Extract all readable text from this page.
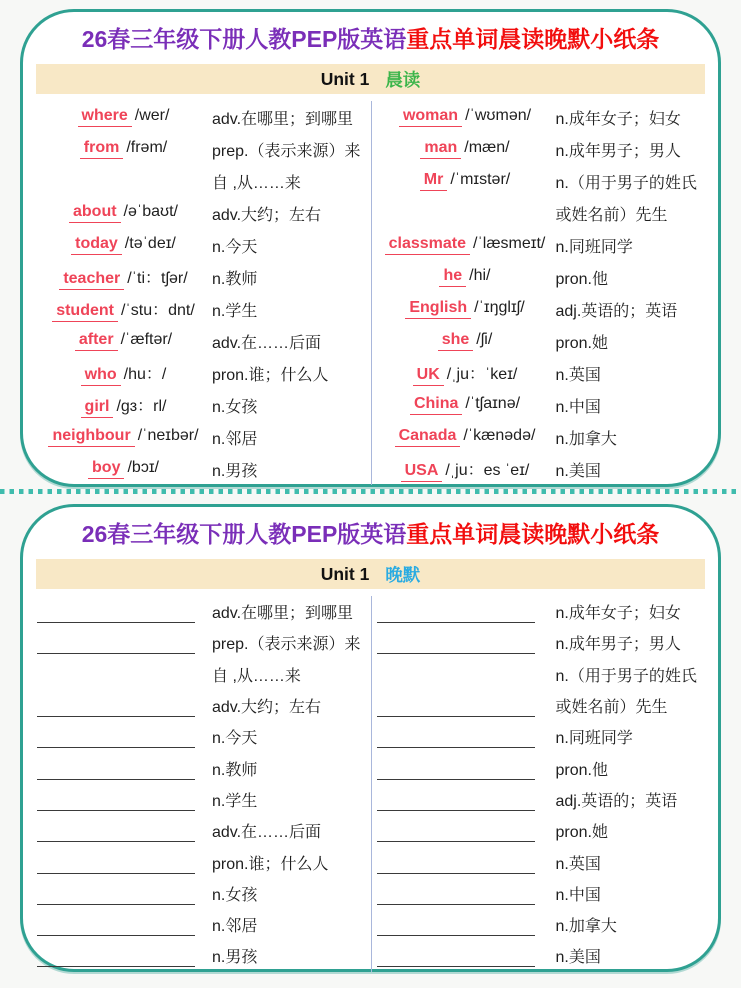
26春三年级下册人教PEP版英语重点单词晨读晚默小纸条
Unit 1 晨读
where /wer/	adv.在哪里；到哪里
from /frəm/	prep.（表示来源）来
自 ,从……来
about /əˈbaʊt/ adv.大约；左右
today /təˈdeɪ/ n.今天
teacher /ˈti：tʃər/ n.教师
student /ˈstu：dnt/ n.学生
after /ˈæftər/ adv.在……后面
who /hu：/	pron.谁；什么人
girl /gɜ：rl/	n.女孩
neighbour /ˈneɪbər/ n.邻居
boy /bɔɪ/	n.男孩
woman /ˈwʊmən/ n.成年女子；妇女
man /mæn/	n.成年男子；男人
Mr /ˈmɪstər/	n.（用于男子的姓氏
或姓名前）先生
classmate /ˈlæsmeɪt/ n.同班同学
he /hi/	pron.他
English /ˈɪŋglɪʃ/ adj.英语的；英语
she /ʃi/	pron.她
UK /ˌju：ˈkeɪ/ n.英国
China /ˈtʃaɪnə/ n.中国
Canada /ˈkænədə/ n.加拿大
USA /ˌju：es ˈeɪ/ n.美国
26春三年级下册人教PEP版英语重点单词晨读晚默小纸条
Unit 1 晚默
adv.在哪里；到哪里
prep.（表示来源）来
自 ,从……来
adv.大约；左右
n.今天
n.教师
n.学生
adv.在……后面
pron.谁；什么人
n.女孩
n.邻居
n.男孩
n.成年女子；妇女
n.成年男子；男人
n.（用于男子的姓氏
或姓名前）先生
n.同班同学
pron.他
adj.英语的；英语
pron.她
n.英国
n.中国
n.加拿大
n.美国
